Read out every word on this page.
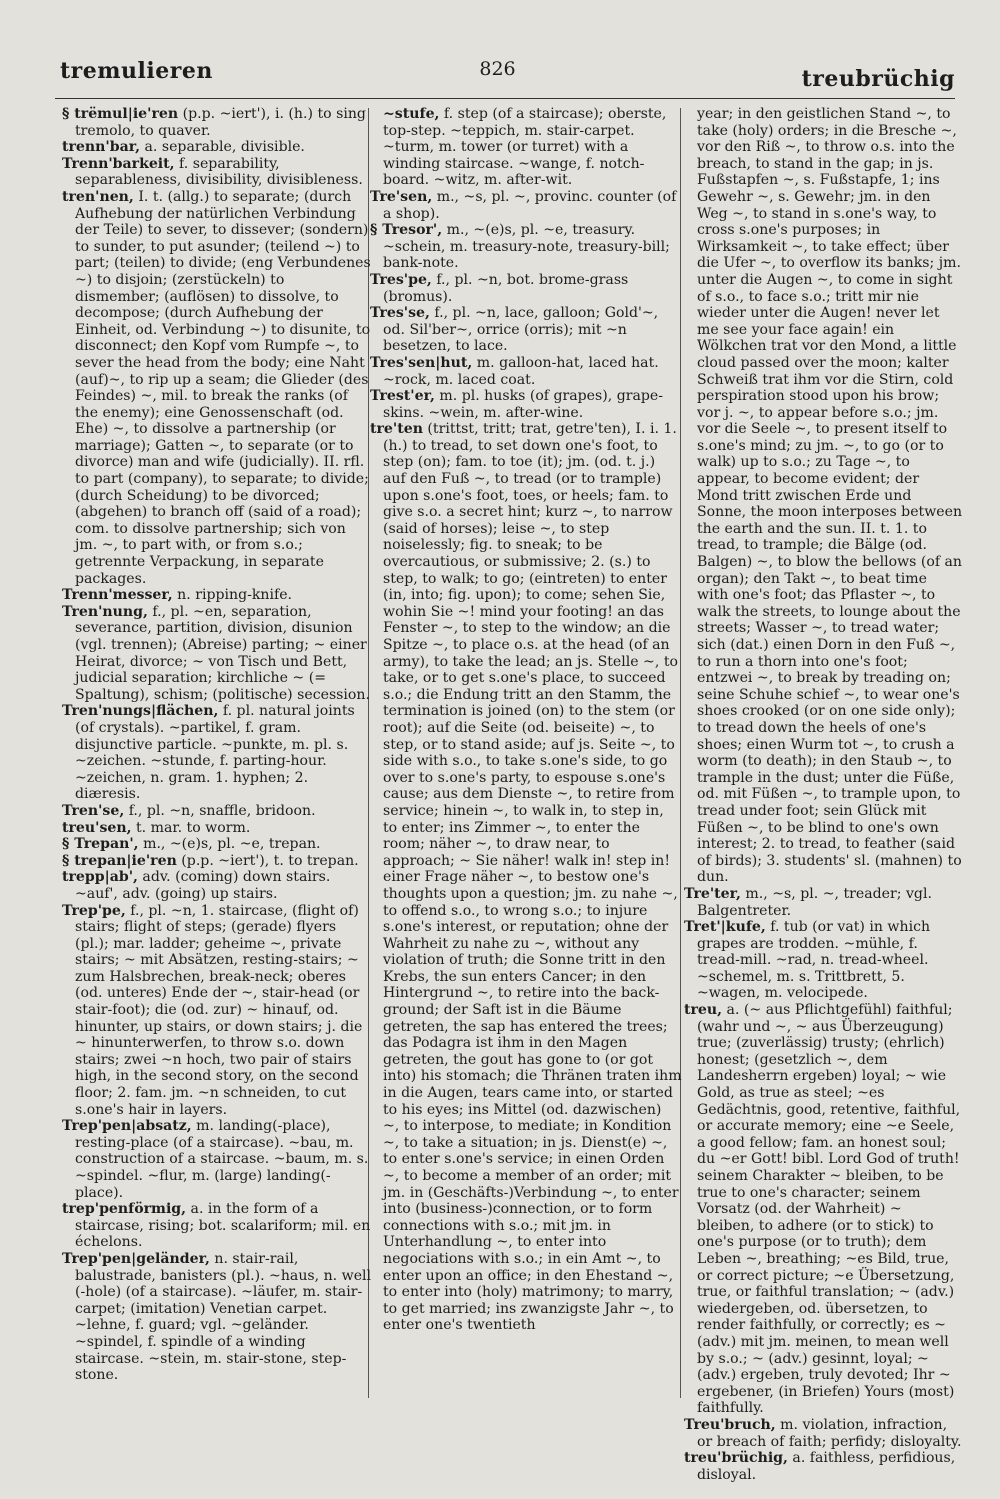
tremulieren	826	treubrüchig

§ trëmul|ie'ren (p.p. ~iert'), i. (h.) to sing tremolo, to quaver.

trenn'bar, a. separable, divisible.

Trenn'barkeit, f. separability, separableness, divisibility, divisibleness.

tren'nen, I. t. (allg.) to separate; (durch Aufhebung der natürlichen Verbindung der Teile) to sever, to dissever; (sondern) to sunder, to put asunder; (teilend ~) to part; (teilen) to divide; (eng Verbundenes ~) to disjoin; (zerstückeln) to dismember; (auflösen) to dissolve, to decompose; (durch Aufhebung der Einheit, od. Verbindung ~) to disunite, to disconnect; den Kopf vom Rumpfe ~, to sever the head from the body; eine Naht (auf)~, to rip up a seam; die Glieder (des Feindes) ~, mil. to break the ranks (of the enemy); eine Genossenschaft (od. Ehe) ~, to dissolve a partnership (or marriage); Gatten ~, to separate (or to divorce) man and wife (judicially). II. rfl. to part (company), to separate; to divide; (durch Scheidung) to be divorced; (abgehen) to branch off (said of a road); com. to dissolve partnership; sich von jm. ~, to part with, or from s.o.; getrennte Verpackung, in separate packages.

Trenn'messer, n. ripping-knife.

Tren'nung, f., pl. ~en, separation, severance, partition, division, disunion (vgl. trennen); (Abreise) parting; ~ einer Heirat, divorce; ~ von Tisch und Bett, judicial separation; kirchliche ~ (= Spaltung), schism; (politische) secession.

Tren'nungs|flächen, f. pl. natural joints (of crystals). ~partikel, f. gram. disjunctive particle. ~punkte, m. pl. s. ~zeichen. ~stunde, f. parting-hour. ~zeichen, n. gram. 1. hyphen; 2. diæresis.

Tren'se, f., pl. ~n, snaffle, bridoon.

treu'sen, t. mar. to worm.

§ Trepan', m., ~(e)s, pl. ~e, trepan.

§ trepan|ie'ren (p.p. ~iert'), t. to trepan.

trepp|ab', adv. (coming) down stairs. ~auf', adv. (going) up stairs.

Trep'pe, f., pl. ~n, 1. staircase, (flight of) stairs; flight of steps; (gerade) flyers (pl.); mar. ladder; geheime ~, private stairs; ~ mit Absätzen, resting-stairs; ~ zum Halsbrechen, break-neck; oberes (od. unteres) Ende der ~, stair-head (or stair-foot); die (od. zur) ~ hinauf, od. hinunter, up stairs, or down stairs; j. die ~ hinunterwerfen, to throw s.o. down stairs; zwei ~n hoch, two pair of stairs high, in the second story, on the second floor; 2. fam. jm. ~n schneiden, to cut s.one's hair in layers.

Trep'pen|absatz, m. landing(-place), resting-place (of a staircase). ~bau, m. construction of a staircase. ~baum, m. s. ~spindel. ~flur, m. (large) landing(-place).

trep'penförmig, a. in the form of a staircase, rising; bot. scalariform; mil. en échelons.

Trep'pen|geländer, n. stair-rail, balustrade, banisters (pl.). ~haus, n. well (-hole) (of a staircase). ~läufer, m. stair-carpet; (imitation) Venetian carpet. ~lehne, f. guard; vgl. ~geländer. ~spindel, f. spindle of a winding staircase. ~stein, m. stair-stone, step-stone.

~stufe, f. step (of a staircase); oberste, top-step. ~teppich, m. stair-carpet. ~turm, m. tower (or turret) with a winding staircase. ~wange, f. notch-board. ~witz, m. after-wit.

Tre'sen, m., ~s, pl. ~, provinc. counter (of a shop).

§ Tresor', m., ~(e)s, pl. ~e, treasury. ~schein, m. treasury-note, treasury-bill; bank-note.

Tres'pe, f., pl. ~n, bot. brome-grass (bromus).

Tres'se, f., pl. ~n, lace, galloon; Gold'~, od. Sil'ber~, orrice (orris); mit ~n besetzen, to lace.

Tres'sen|hut, m. galloon-hat, laced hat. ~rock, m. laced coat.

Trest'er, m. pl. husks (of grapes), grape-skins. ~wein, m. after-wine.

tre'ten (trittst, tritt; trat, getre'ten), I. i. 1. (h.) to tread, to set down one's foot, to step (on); fam. to toe (it); jm. (od. t. j.) auf den Fuß ~, to tread (or to trample) upon s.one's foot, toes, or heels; fam. to give s.o. a secret hint; kurz ~, to narrow (said of horses); leise ~, to step noiselessly; fig. to sneak; to be overcautious, or submissive; 2. (s.) to step, to walk; to go; (eintreten) to enter (in, into; fig. upon); to come; sehen Sie, wohin Sie ~! mind your footing! an das Fenster ~, to step to the window; an die Spitze ~, to place o.s. at the head (of an army), to take the lead; an js. Stelle ~, to take, or to get s.one's place, to succeed s.o.; die Endung tritt an den Stamm, the termination is joined (on) to the stem (or root); auf die Seite (od. beiseite) ~, to step, or to stand aside; auf js. Seite ~, to side with s.o., to take s.one's side, to go over to s.one's party, to espouse s.one's cause; aus dem Dienste ~, to retire from service; hinein ~, to walk in, to step in, to enter; ins Zimmer ~, to enter the room; näher ~, to draw near, to approach; ~ Sie näher! walk in! step in! einer Frage näher ~, to bestow one's thoughts upon a question; jm. zu nahe ~, to offend s.o., to wrong s.o.; to injure s.one's interest, or reputation; ohne der Wahrheit zu nahe zu ~, without any violation of truth; die Sonne tritt in den Krebs, the sun enters Cancer; in den Hintergrund ~, to retire into the back-ground; der Saft ist in die Bäume getreten, the sap has entered the trees; das Podagra ist ihm in den Magen getreten, the gout has gone to (or got into) his stomach; die Thränen traten ihm in die Augen, tears came into, or started to his eyes; ins Mittel (od. dazwischen) ~, to interpose, to mediate; in Kondition ~, to take a situation; in js. Dienst(e) ~, to enter s.one's service; in einen Orden ~, to become a member of an order; mit jm. in (Geschäfts-)Verbindung ~, to enter into (business-)connection, or to form connections with s.o.; mit jm. in Unterhandlung ~, to enter into negociations with s.o.; in ein Amt ~, to enter upon an office; in den Ehestand ~, to enter into (holy) matrimony; to marry, to get married; ins zwanzigste Jahr ~, to enter one's twentieth

year; in den geistlichen Stand ~, to take (holy) orders; in die Bresche ~, vor den Riß ~, to throw o.s. into the breach, to stand in the gap; in js. Fußstapfen ~, s. Fußstapfe, 1; ins Gewehr ~, s. Gewehr; jm. in den Weg ~, to stand in s.one's way, to cross s.one's purposes; in Wirksamkeit ~, to take effect; über die Ufer ~, to overflow its banks; jm. unter die Augen ~, to come in sight of s.o., to face s.o.; tritt mir nie wieder unter die Augen! never let me see your face again! ein Wölkchen trat vor den Mond, a little cloud passed over the moon; kalter Schweiß trat ihm vor die Stirn, cold perspiration stood upon his brow; vor j. ~, to appear before s.o.; jm. vor die Seele ~, to present itself to s.one's mind; zu jm. ~, to go (or to walk) up to s.o.; zu Tage ~, to appear, to become evident; der Mond tritt zwischen Erde und Sonne, the moon interposes between the earth and the sun. II. t. 1. to tread, to trample; die Bälge (od. Balgen) ~, to blow the bellows (of an organ); den Takt ~, to beat time with one's foot; das Pflaster ~, to walk the streets, to lounge about the streets; Wasser ~, to tread water; sich (dat.) einen Dorn in den Fuß ~, to run a thorn into one's foot; entzwei ~, to break by treading on; seine Schuhe schief ~, to wear one's shoes crooked (or on one side only); to tread down the heels of one's shoes; einen Wurm tot ~, to crush a worm (to death); in den Staub ~, to trample in the dust; unter die Füße, od. mit Füßen ~, to trample upon, to tread under foot; sein Glück mit Füßen ~, to be blind to one's own interest; 2. to tread, to feather (said of birds); 3. students' sl. (mahnen) to dun.

Tre'ter, m., ~s, pl. ~, treader; vgl. Balgentreter.

Tret'|kufe, f. tub (or vat) in which grapes are trodden. ~mühle, f. tread-mill. ~rad, n. tread-wheel. ~schemel, m. s. Trittbrett, 5. ~wagen, m. velocipede.

treu, a. (~ aus Pflichtgefühl) faithful; (wahr und ~, ~ aus Überzeugung) true; (zuverlässig) trusty; (ehrlich) honest; (gesetzlich ~, dem Landesherrn ergeben) loyal; ~ wie Gold, as true as steel; ~es Gedächtnis, good, retentive, faithful, or accurate memory; eine ~e Seele, a good fellow; fam. an honest soul; du ~er Gott! bibl. Lord God of truth! seinem Charakter ~ bleiben, to be true to one's character; seinem Vorsatz (od. der Wahrheit) ~ bleiben, to adhere (or to stick) to one's purpose (or to truth); dem Leben ~, breathing; ~es Bild, true, or correct picture; ~e Übersetzung, true, or faithful translation; ~ (adv.) wiedergeben, od. übersetzen, to render faithfully, or correctly; es ~ (adv.) mit jm. meinen, to mean well by s.o.; ~ (adv.) gesinnt, loyal; ~ (adv.) ergeben, truly devoted; Ihr ~ ergebener, (in Briefen) Yours (most) faithfully.

Treu'bruch, m. violation, infraction, or breach of faith; perfidy; disloyalty.

treu'brüchig, a. faithless, perfidious, disloyal.
